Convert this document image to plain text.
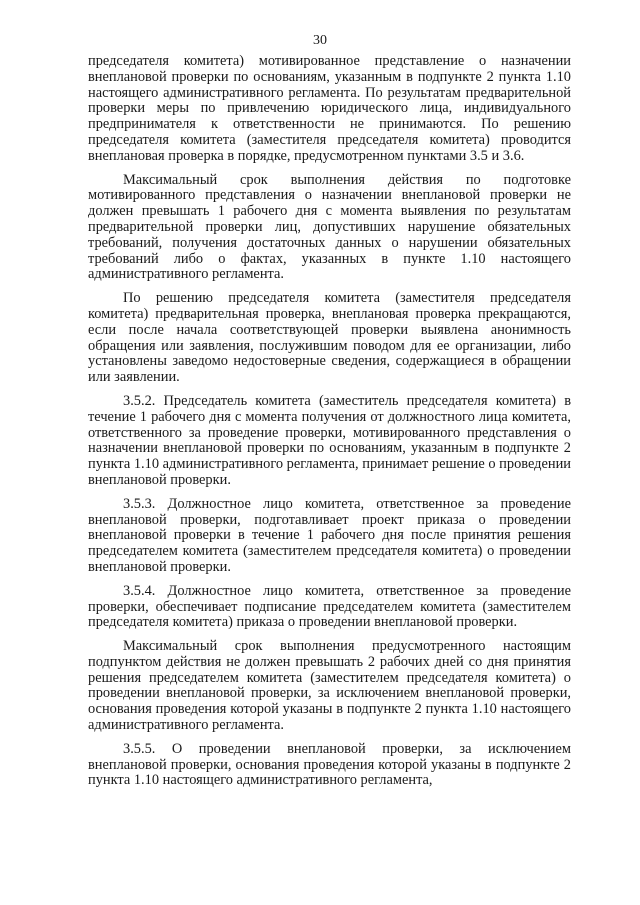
30

председателя комитета) мотивированное представление о назначении внеплановой проверки по основаниям, указанным в подпункте 2 пункта 1.10 настоящего административного регламента. По результатам предварительной проверки меры по привлечению юридического лица, индивидуального предпринимателя к ответственности не принимаются. По решению председателя комитета (заместителя председателя комитета) проводится внеплановая проверка в порядке, предусмотренном пунктами 3.5 и 3.6.

Максимальный срок выполнения действия по подготовке мотивированного представления о назначении внеплановой проверки не должен превышать 1 рабочего дня с момента выявления по результатам предварительной проверки лиц, допустивших нарушение обязательных требований, получения достаточных данных о нарушении обязательных требований либо о фактах, указанных в пункте 1.10 настоящего административного регламента.

По решению председателя комитета (заместителя председателя комитета) предварительная проверка, внеплановая проверка прекращаются, если после начала соответствующей проверки выявлена анонимность обращения или заявления, послужившим поводом для ее организации, либо установлены заведомо недостоверные сведения, содержащиеся в обращении или заявлении.

3.5.2. Председатель комитета (заместитель председателя комитета) в течение 1 рабочего дня с момента получения от должностного лица комитета, ответственного за проведение проверки, мотивированного представления о назначении внеплановой проверки по основаниям, указанным в подпункте 2 пункта 1.10 административного регламента, принимает решение о проведении внеплановой проверки.

3.5.3. Должностное лицо комитета, ответственное за проведение внеплановой проверки, подготавливает проект приказа о проведении внеплановой проверки в течение 1 рабочего дня после принятия решения председателем комитета (заместителем председателя комитета) о проведении внеплановой проверки.

3.5.4. Должностное лицо комитета, ответственное за проведение проверки, обеспечивает подписание председателем комитета (заместителем председателя комитета) приказа о проведении внеплановой проверки.

Максимальный срок выполнения предусмотренного настоящим подпунктом действия не должен превышать 2 рабочих дней со дня принятия решения председателем комитета (заместителем председателя комитета) о проведении внеплановой проверки, за исключением внеплановой проверки, основания проведения которой указаны в подпункте 2 пункта 1.10 настоящего административного регламента.

3.5.5. О проведении внеплановой проверки, за исключением внеплановой проверки, основания проведения которой указаны в подпункте 2 пункта 1.10 настоящего административного регламента,
